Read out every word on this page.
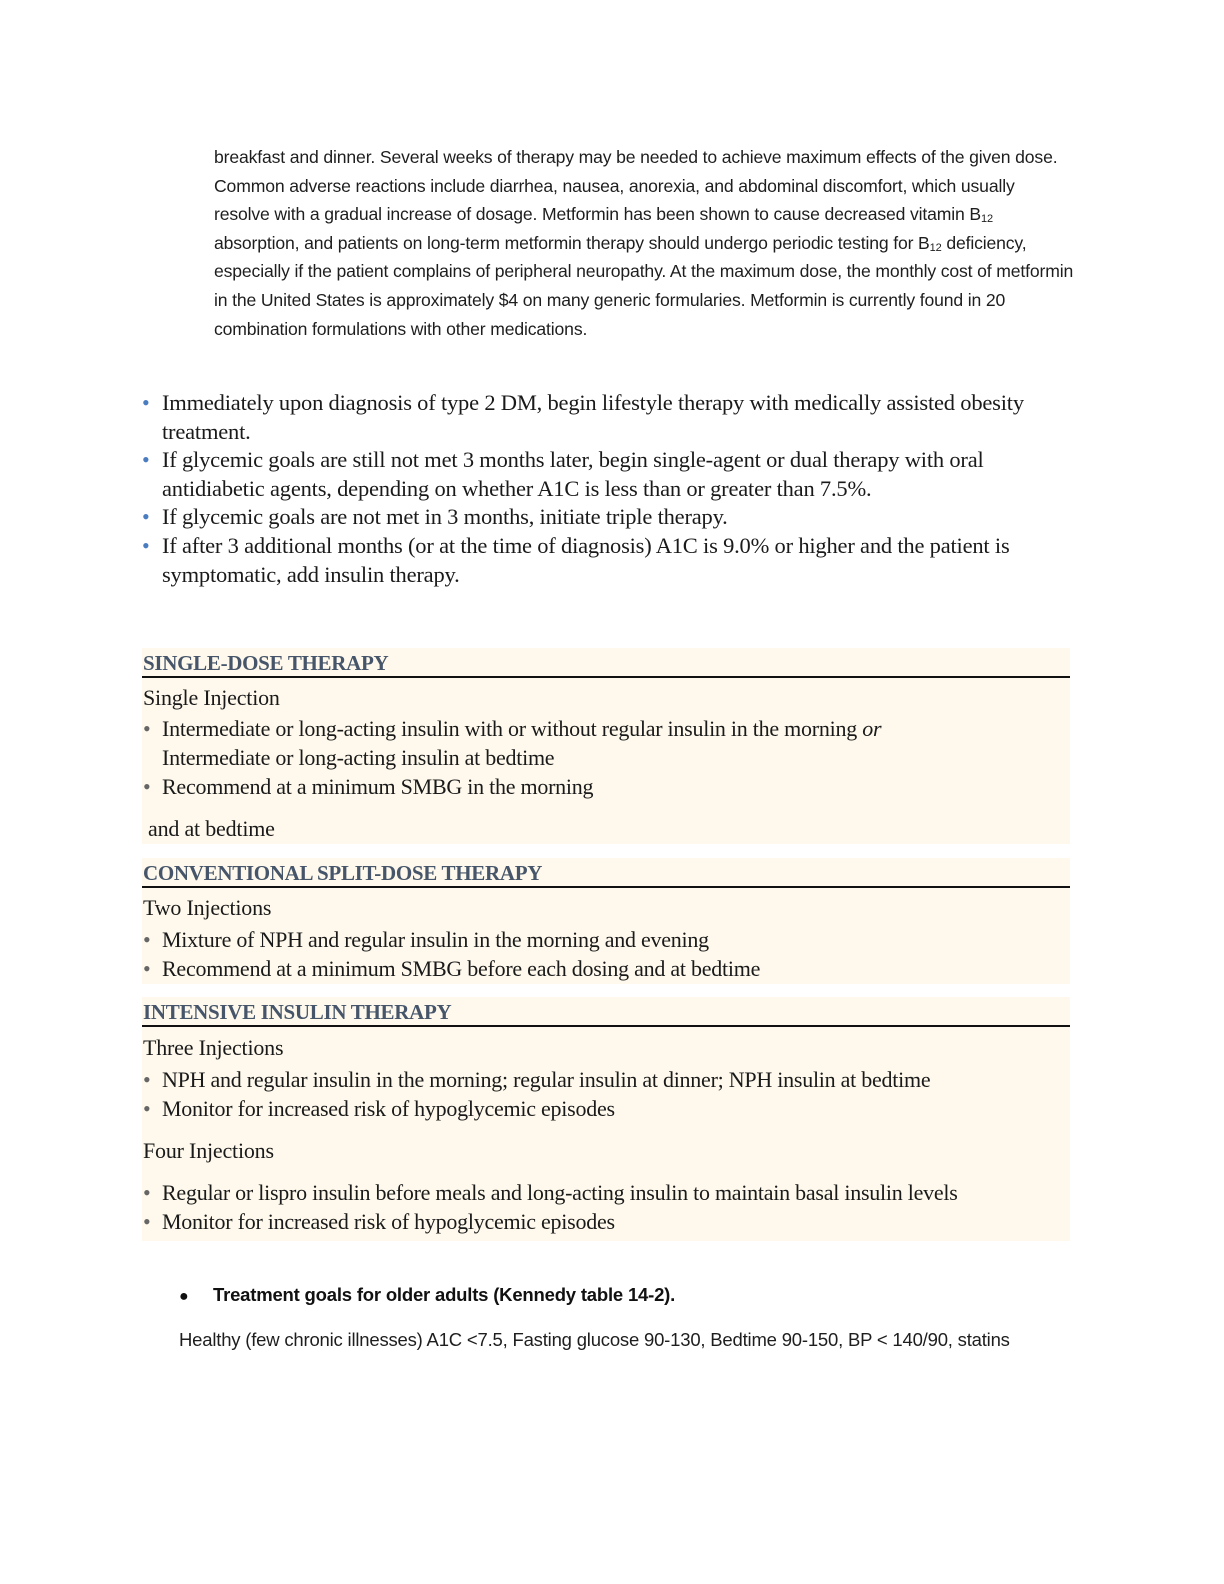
breakfast and dinner. Several weeks of therapy may be needed to achieve maximum effects of the given dose. Common adverse reactions include diarrhea, nausea, anorexia, and abdominal discomfort, which usually resolve with a gradual increase of dosage. Metformin has been shown to cause decreased vitamin $B_{12}$ absorption, and patients on long-term metformin therapy should undergo periodic testing for $B_{12}$ deficiency, especially if the patient complains of peripheral neuropathy. At the maximum dose, the monthly cost of metformin in the United States is approximately $4 on many generic formularies. Metformin is currently found in 20 combination formulations with other medications.
• Immediately upon diagnosis of type 2 DM, begin lifestyle therapy with medically assisted obesity treatment.
• If glycemic goals are still not met 3 months later, begin single-agent or dual therapy with oral antidiabetic agents, depending on whether A1C is less than or greater than 7.5%.
• If glycemic goals are not met in 3 months, initiate triple therapy.
• If after 3 additional months (or at the time of diagnosis) A1C is 9.0% or higher and the patient is symptomatic, add insulin therapy.
SINGLE-DOSE THERAPY
Single Injection
• Intermediate or long-acting insulin with or without regular insulin in the morning or Intermediate or long-acting insulin at bedtime
• Recommend at a minimum SMBG in the morning
and at bedtime
CONVENTIONAL SPLIT-DOSE THERAPY
Two Injections
• Mixture of NPH and regular insulin in the morning and evening
• Recommend at a minimum SMBG before each dosing and at bedtime
INTENSIVE INSULIN THERAPY
Three Injections
• NPH and regular insulin in the morning; regular insulin at dinner; NPH insulin at bedtime
• Monitor for increased risk of hypoglycemic episodes
Four Injections
• Regular or lispro insulin before meals and long-acting insulin to maintain basal insulin levels
• Monitor for increased risk of hypoglycemic episodes
● Treatment goals for older adults (Kennedy table 14-2).
Healthy (few chronic illnesses) A1C <7.5, Fasting glucose 90-130, Bedtime 90-150, BP < 140/90, statins
